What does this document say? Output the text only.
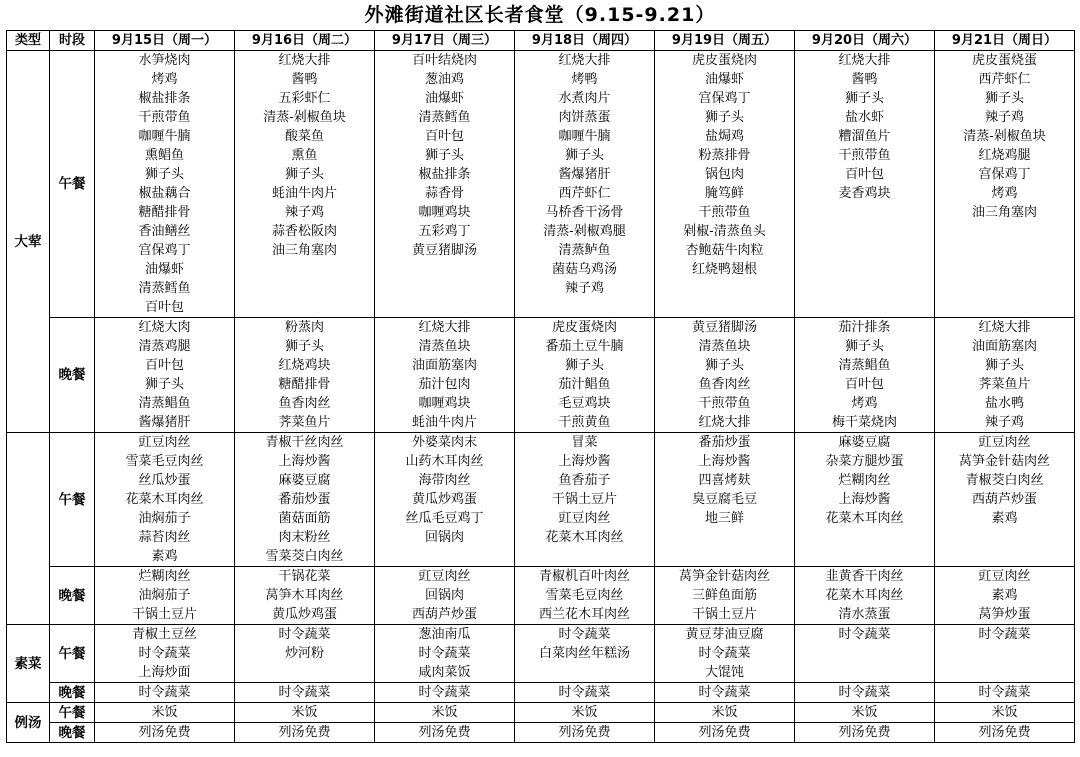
外滩街道社区长者食堂（9.15-9.21）
类型	时段	9月15日（周一）	9月16日（周二）	9月17日（周三）	9月18日（周四）	9月19日（周五）	9月20日（周六）	9月21日（周日）
大荤	午餐	水笋烧肉	红烧大排	百叶结烧肉	红烧大排	虎皮蛋烧肉	红烧大排	虎皮蛋烧蛋
		烤鸡	酱鸭	葱油鸡	烤鸭	油爆虾	酱鸭	西芹虾仁
		椒盐排条	五彩虾仁	油爆虾	水煮肉片	宫保鸡丁	狮子头	狮子头
		干煎带鱼	清蒸-剁椒鱼块	清蒸鳕鱼	肉饼蒸蛋	狮子头	盐水虾	辣子鸡
		咖喱牛腩	酸菜鱼	百叶包	咖喱牛腩	盐焗鸡	糟溜鱼片	清蒸-剁椒鱼块
		熏鲳鱼	熏鱼	狮子头	狮子头	粉蒸排骨	干煎带鱼	红烧鸡腿
		狮子头	狮子头	椒盐排条	酱爆猪肝	锅包肉	百叶包	宫保鸡丁
		椒盐藕合	蚝油牛肉片	蒜香骨	西芹虾仁	腌笃鲜	麦香鸡块	烤鸡
		糖醋排骨	辣子鸡	咖喱鸡块	马桥香干汤骨	干煎带鱼		油三角塞肉
		香油鳝丝	蒜香松阪肉	五彩鸡丁	清蒸-剁椒鸡腿	剁椒-清蒸鱼头		
		宫保鸡丁	油三角塞肉	黄豆猪脚汤	清蒸鲈鱼	杏鲍菇牛肉粒		
		油爆虾			菌菇乌鸡汤	红烧鸭翅根		
		清蒸鳕鱼			辣子鸡			
		百叶包						
	晚餐	红烧大肉	粉蒸肉	红烧大排	虎皮蛋烧肉	黄豆猪脚汤	茄汁排条	红烧大排
		清蒸鸡腿	狮子头	清蒸鱼块	番茄土豆牛腩	清蒸鱼块	狮子头	油面筋塞肉
		百叶包	红烧鸡块	油面筋塞肉	狮子头	狮子头	清蒸鲳鱼	狮子头
		狮子头	糖醋排骨	茄汁包肉	茄汁鲳鱼	鱼香肉丝	百叶包	荠菜鱼片
		清蒸鲳鱼	鱼香肉丝	咖喱鸡块	毛豆鸡块	干煎带鱼	烤鸡	盐水鸭
		酱爆猪肝	荠菜鱼片	蚝油牛肉片	干煎黄鱼	红烧大排	梅干菜烧肉	辣子鸡
	午餐	豇豆肉丝	青椒干丝肉丝	外婆菜肉末	冒菜	番茄炒蛋	麻婆豆腐	豇豆肉丝
		雪菜毛豆肉丝	上海炒酱	山药木耳肉丝	上海炒酱	上海炒酱	杂菜方腿炒蛋	莴笋金针菇肉丝
		丝瓜炒蛋	麻婆豆腐	海带肉丝	鱼香茄子	四喜烤麸	烂糊肉丝	青椒茭白肉丝
		花菜木耳肉丝	番茄炒蛋	黄瓜炒鸡蛋	干锅土豆片	臭豆腐毛豆	上海炒酱	西葫芦炒蛋
		油焖茄子	菌菇面筋	丝瓜毛豆鸡丁	豇豆肉丝	地三鲜	花菜木耳肉丝	素鸡
		蒜苔肉丝	肉末粉丝	回锅肉	花菜木耳肉丝			
		素鸡	雪菜茭白肉丝					
	晚餐	烂糊肉丝	干锅花菜	豇豆肉丝	青椒机百叶肉丝	莴笋金针菇肉丝	韭黄香干肉丝	豇豆肉丝
		油焖茄子	莴笋木耳肉丝	回锅肉	雪菜毛豆肉丝	三鲜鱼面筋	花菜木耳肉丝	素鸡
		干锅土豆片	黄瓜炒鸡蛋	西葫芦炒蛋	西兰花木耳肉丝	干锅土豆片	清水蒸蛋	莴笋炒蛋
素菜	午餐	青椒土豆丝	时令蔬菜	葱油南瓜	时令蔬菜	黄豆芽油豆腐	时令蔬菜	时令蔬菜
		时令蔬菜	炒河粉	时令蔬菜	白菜肉丝年糕汤	时令蔬菜		
		上海炒面		咸肉菜饭		大馄饨		
	晚餐	时令蔬菜	时令蔬菜	时令蔬菜	时令蔬菜	时令蔬菜	时令蔬菜	时令蔬菜
例汤	午餐	米饭	米饭	米饭	米饭	米饭	米饭	米饭
	晚餐	列汤免费	列汤免费	列汤免费	列汤免费	列汤免费	列汤免费	列汤免费
